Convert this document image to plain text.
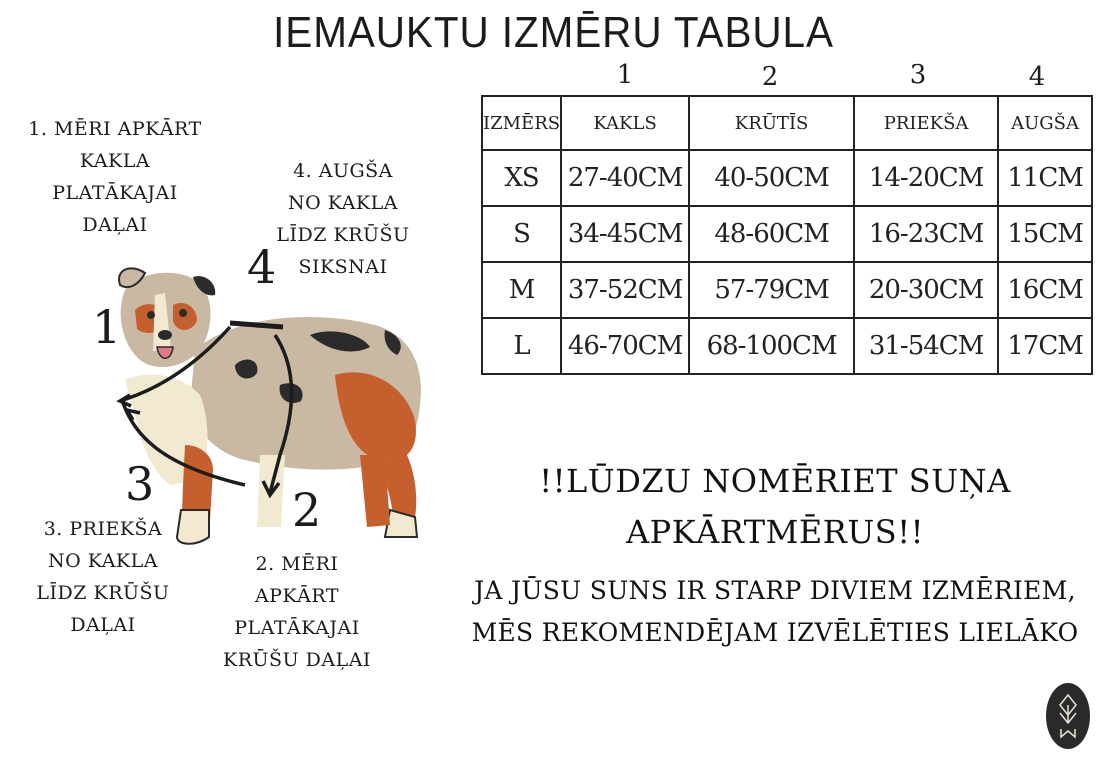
IEMAUKTU IZMĒRU TABULA
1	2	3	4
IZMĒRS	KAKLS	KRŪTĪS	PRIEKŠA	AUGŠA
XS	27-40CM	40-50CM	14-20CM	11CM
S	34-45CM	48-60CM	16-23CM	15CM
M	37-52CM	57-79CM	20-30CM	16CM
L	46-70CM	68-100CM	31-54CM	17CM
1. MĒRI APKĀRT
KAKLA
PLATĀKAJAI
DAĻAI
4. AUGŠA
NO KAKLA
LĪDZ KRŪŠU
SIKSNAI
3. PRIEKŠA
NO KAKLA
LĪDZ KRŪŠU
DAĻAI
2. MĒRI
APKĀRT
PLATĀKAJAI
KRŪŠU DAĻAI
1
4
3	2
!!LŪDZU NOMĒRIET SUŅA
APKĀRTMĒRUS!!
JA JŪSU SUNS IR STARP DIVIEM IZMĒRIEM,
MĒS REKOMENDĒJAM IZVĒLĒTIES LIELĀKO
